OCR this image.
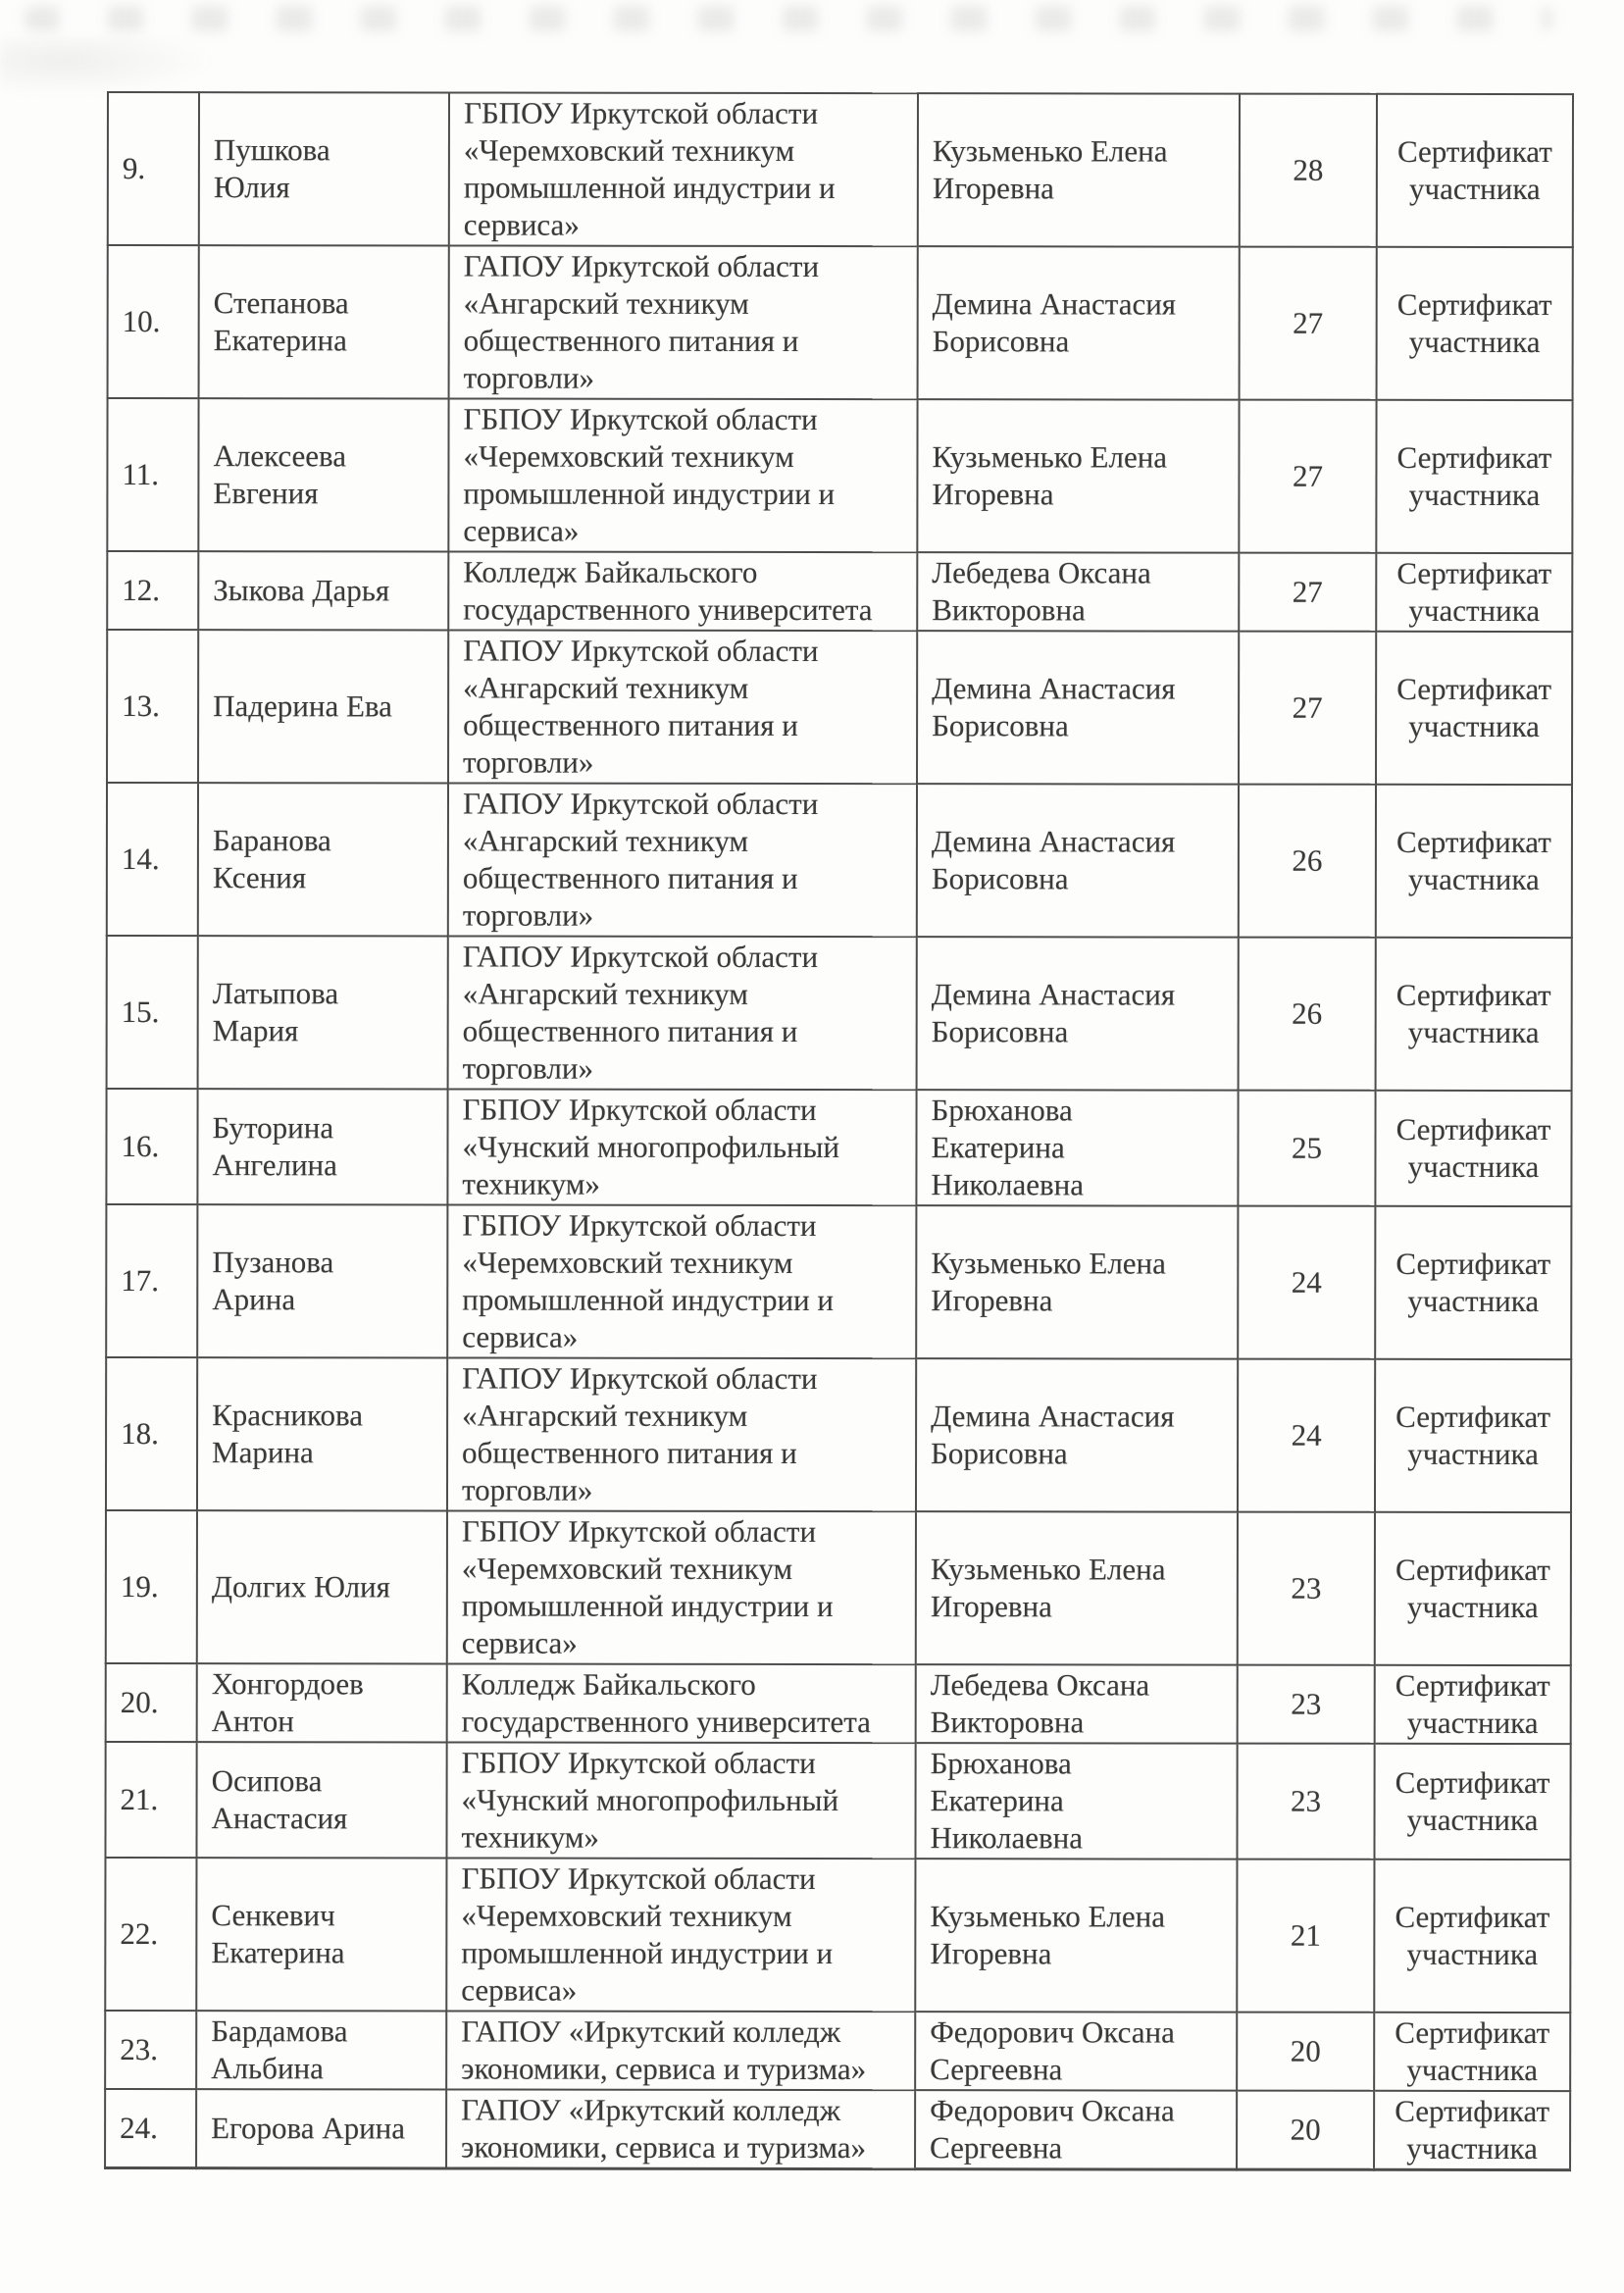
9.	Пушкова
Юлия	ГБПОУ Иркутской области
«Черемховский техникум
промышленной индустрии и
сервиса»	Кузьменько Елена
Игоревна	28	Сертификат
участника
10.	Степанова
Екатерина	ГАПОУ Иркутской области
«Ангарский техникум
общественного питания и
торговли»	Демина Анастасия
Борисовна	27	Сертификат
участника
11.	Алексеева
Евгения	ГБПОУ Иркутской области
«Черемховский техникум
промышленной индустрии и
сервиса»	Кузьменько Елена
Игоревна	27	Сертификат
участника
12.	Зыкова Дарья	Колледж Байкальского
государственного университета	Лебедева Оксана
Викторовна	27	Сертификат
участника
13.	Падерина Ева	ГАПОУ Иркутской области
«Ангарский техникум
общественного питания и
торговли»	Демина Анастасия
Борисовна	27	Сертификат
участника
14.	Баранова
Ксения	ГАПОУ Иркутской области
«Ангарский техникум
общественного питания и
торговли»	Демина Анастасия
Борисовна	26	Сертификат
участника
15.	Латыпова
Мария	ГАПОУ Иркутской области
«Ангарский техникум
общественного питания и
торговли»	Демина Анастасия
Борисовна	26	Сертификат
участника
16.	Буторина
Ангелина	ГБПОУ Иркутской области
«Чунский многопрофильный
техникум»	Брюханова
Екатерина
Николаевна	25	Сертификат
участника
17.	Пузанова
Арина	ГБПОУ Иркутской области
«Черемховский техникум
промышленной индустрии и
сервиса»	Кузьменько Елена
Игоревна	24	Сертификат
участника
18.	Красникова
Марина	ГАПОУ Иркутской области
«Ангарский техникум
общественного питания и
торговли»	Демина Анастасия
Борисовна	24	Сертификат
участника
19.	Долгих Юлия	ГБПОУ Иркутской области
«Черемховский техникум
промышленной индустрии и
сервиса»	Кузьменько Елена
Игоревна	23	Сертификат
участника
20.	Хонгордоев
Антон	Колледж Байкальского
государственного университета	Лебедева Оксана
Викторовна	23	Сертификат
участника
21.	Осипова
Анастасия	ГБПОУ Иркутской области
«Чунский многопрофильный
техникум»	Брюханова
Екатерина
Николаевна	23	Сертификат
участника
22.	Сенкевич
Екатерина	ГБПОУ Иркутской области
«Черемховский техникум
промышленной индустрии и
сервиса»	Кузьменько Елена
Игоревна	21	Сертификат
участника
23.	Бардамова
Альбина	ГАПОУ «Иркутский колледж
экономики, сервиса и туризма»	Федорович Оксана
Сергеевна	20	Сертификат
участника
24.	Егорова Арина	ГАПОУ «Иркутский колледж
экономики, сервиса и туризма»	Федорович Оксана
Сергеевна	20	Сертификат
участника
